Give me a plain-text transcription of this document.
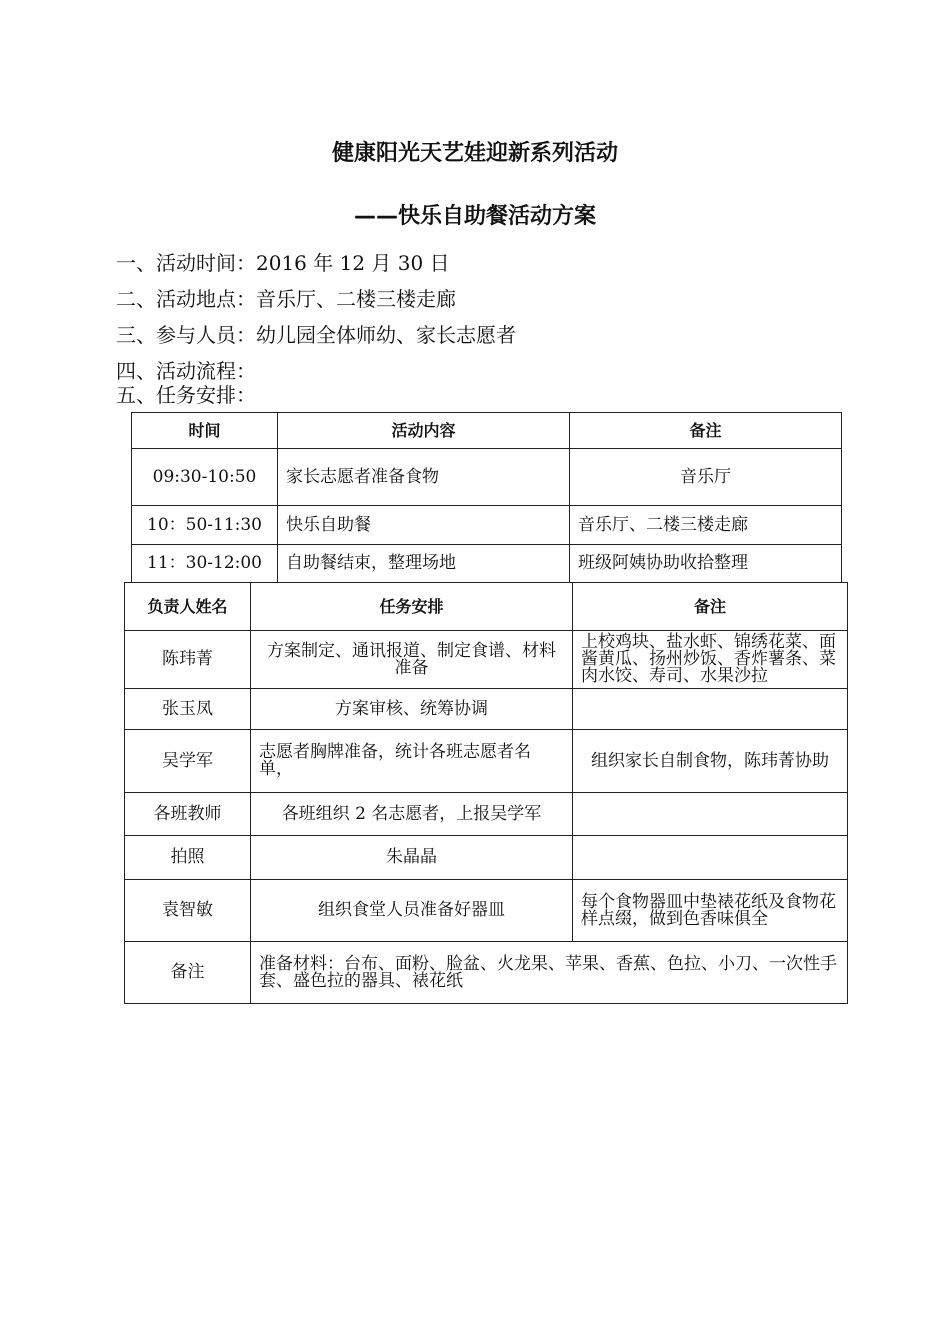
健康阳光天艺娃迎新系列活动
——快乐自助餐活动方案
一、活动时间：2016 年 12 月 30 日
二、活动地点：音乐厅、二楼三楼走廊
三、参与人员：幼儿园全体师幼、家长志愿者
四、活动流程：
五、任务安排：
时间	活动内容	备注
09:30-10:50	家长志愿者准备食物	音乐厅
10：50-11:30	快乐自助餐	音乐厅、二楼三楼走廊
11：30-12:00	自助餐结束，整理场地	班级阿姨协助收拾整理
负责人姓名	任务安排	备注
陈玮菁	方案制定、通讯报道、制定食谱、材料准备	上校鸡块、盐水虾、锦绣花菜、面酱黄瓜、扬州炒饭、香炸薯条、菜肉水饺、寿司、水果沙拉
张玉凤	方案审核、统筹协调	
吴学军	志愿者胸牌准备，统计各班志愿者名单，	组织家长自制食物，陈玮菁协助
各班教师	各班组织 2 名志愿者，上报吴学军	
拍照	朱晶晶	
袁智敏	组织食堂人员准备好器皿	每个食物器皿中垫裱花纸及食物花样点缀，做到色香味俱全
备注	准备材料：台布、面粉、脸盆、火龙果、苹果、香蕉、色拉、小刀、一次性手套、盛色拉的器具、裱花纸	
